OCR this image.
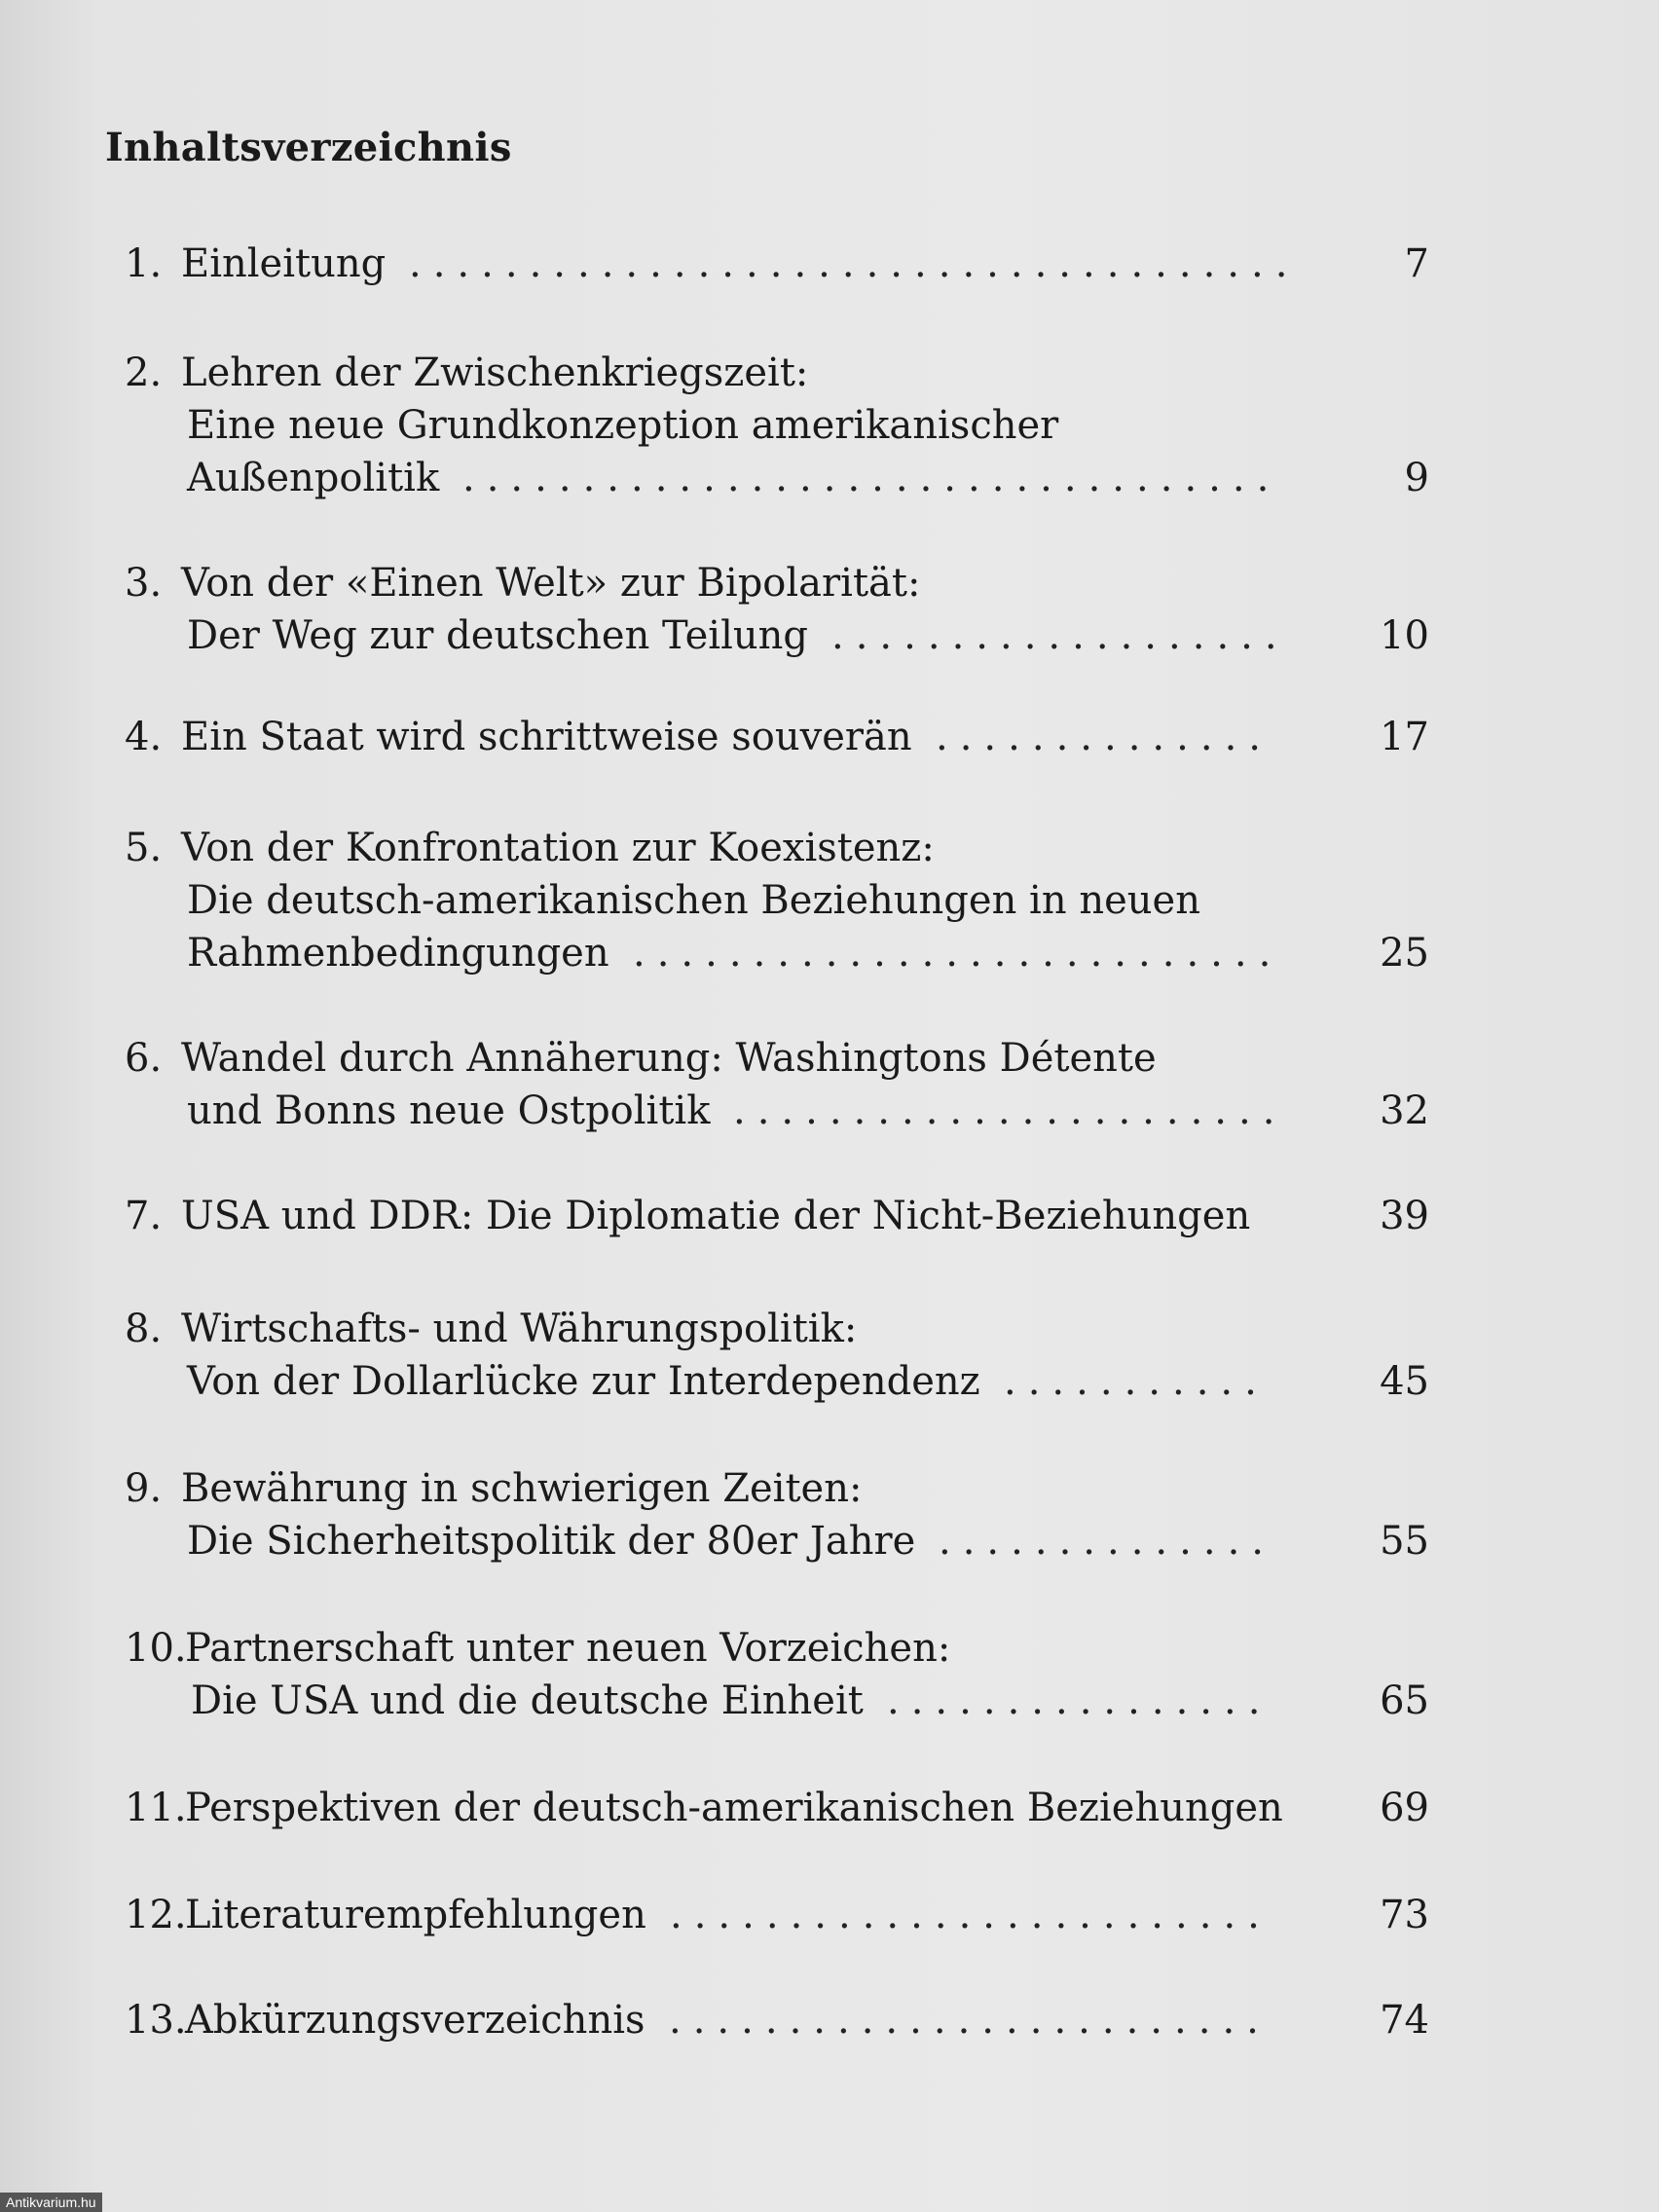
Inhaltsverzeichnis
1. Einleitung .....................................	7
2. Lehren der Zwischenkriegszeit:
Eine neue Grundkonzeption amerikanischer
Außenpolitik ..................................	9
3. Von der «Einen Welt» zur Bipolarität:
Der Weg zur deutschen Teilung ................... 10
4. Ein Staat wird schrittweise souverän ..............	17
5. Von der Konfrontation zur Koexistenz:
Die deutsch-amerikanischen Beziehungen in neuen
Rahmenbedingungen ........................... 25
6. Wandel durch Annäherung: Washingtons Détente
und Bonns neue Ostpolitik ....................... 32
7. USA und DDR: Die Diplomatie der Nicht-Beziehungen	39
8. Wirtschafts- und Währungspolitik:
Von der Dollarlücke zur Interdependenz ...........	45
9. Bewährung in schwierigen Zeiten:
Die Sicherheitspolitik der 80er Jahre ..............	55
10.
Partnerschaft unter neuen Vorzeichen:
Die USA und die deutsche Einheit ................	65
11.
Perspektiven der deutsch-amerikanischen Beziehungen 69
12.
Literaturempfehlungen .........................	73
13.
Abkürzungsverzeichnis .........................	74
Antikvarium.hu
